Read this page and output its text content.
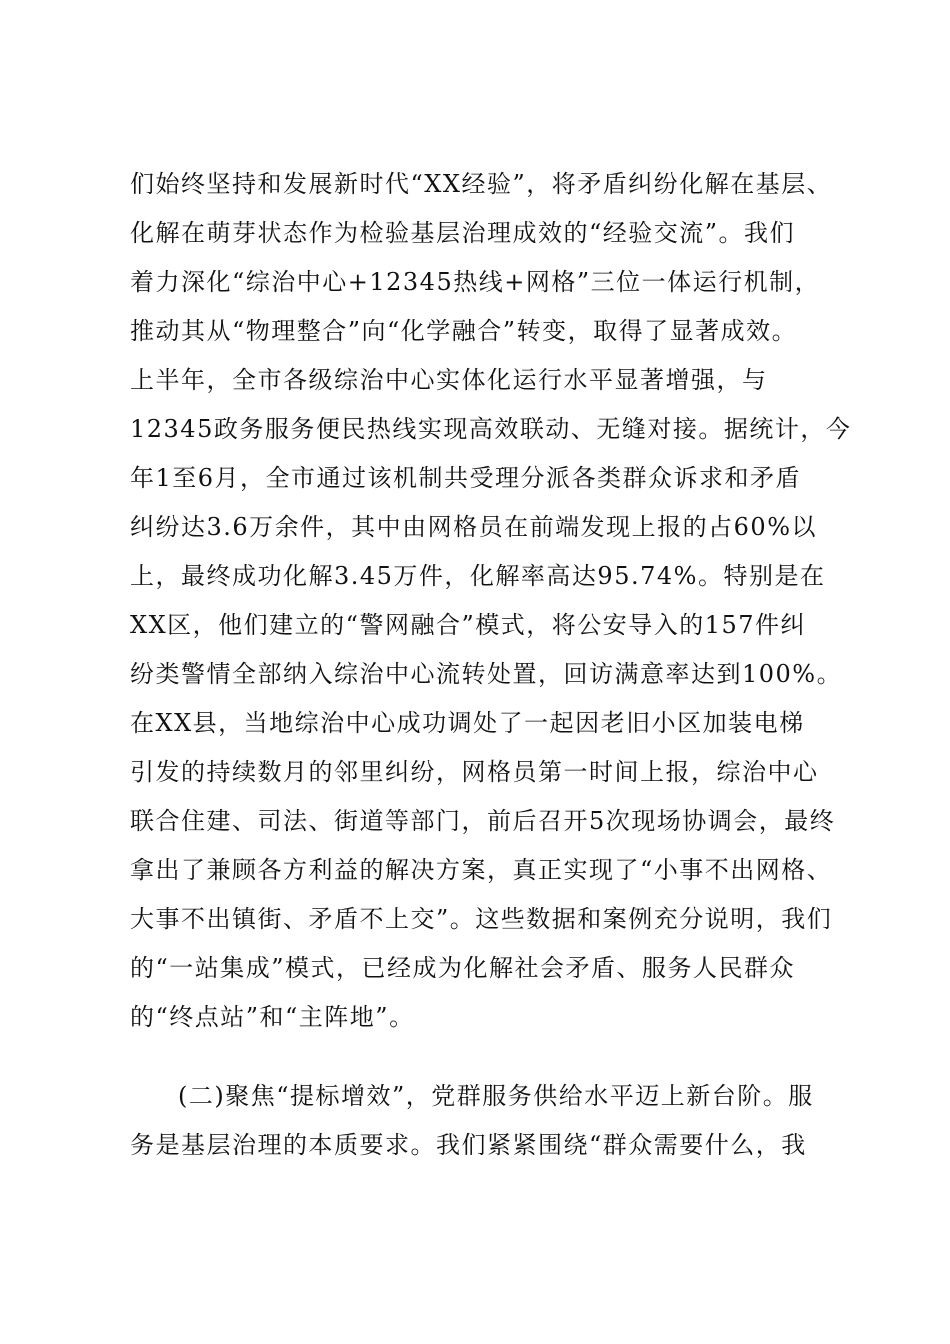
们始终坚持和发展新时代“XX经验”，将矛盾纠纷化解在基层、
化解在萌芽状态作为检验基层治理成效的“经验交流”。我们
着力深化“综治中心+12345热线+网格”三位一体运行机制，
推动其从“物理整合”向“化学融合”转变，取得了显著成效。
上半年，全市各级综治中心实体化运行水平显著增强，与
12345政务服务便民热线实现高效联动、无缝对接。据统计，今
年1至6月，全市通过该机制共受理分派各类群众诉求和矛盾
纠纷达3.6万余件，其中由网格员在前端发现上报的占60%以
上，最终成功化解3.45万件，化解率高达95.74%。特别是在
XX区，他们建立的“警网融合”模式，将公安导入的157件纠
纷类警情全部纳入综治中心流转处置，回访满意率达到100%。
在XX县，当地综治中心成功调处了一起因老旧小区加装电梯
引发的持续数月的邻里纠纷，网格员第一时间上报，综治中心
联合住建、司法、街道等部门，前后召开5次现场协调会，最终
拿出了兼顾各方利益的解决方案，真正实现了“小事不出网格、
大事不出镇街、矛盾不上交”。这些数据和案例充分说明，我们
的“一站集成”模式，已经成为化解社会矛盾、服务人民群众
的“终点站”和“主阵地”。
(二)聚焦“提标增效”，党群服务供给水平迈上新台阶。服
务是基层治理的本质要求。我们紧紧围绕“群众需要什么，我
